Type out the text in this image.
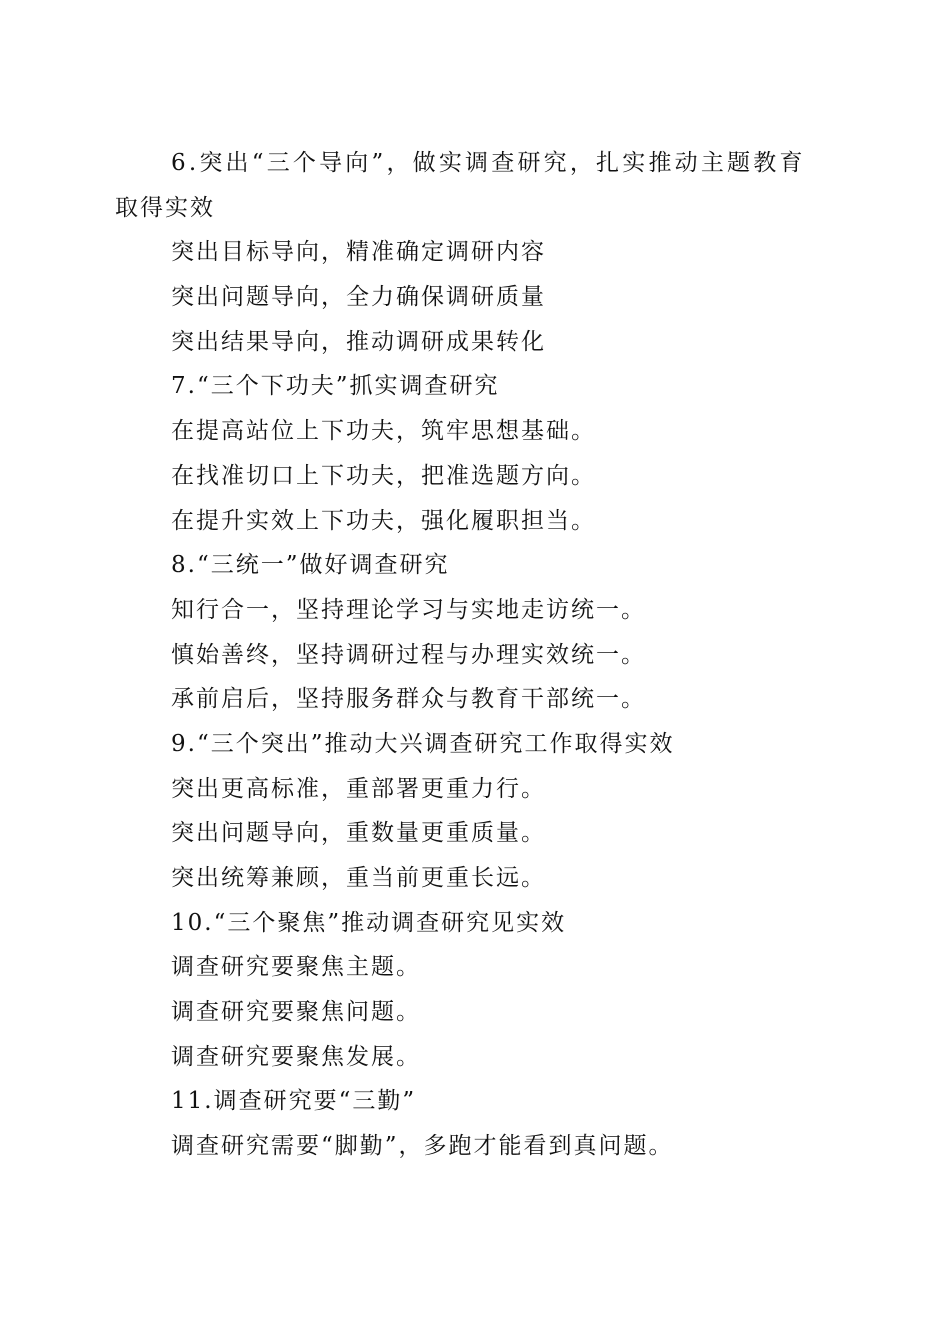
6.突出“三个导向”，做实调查研究，扎实推动主题教育
取得实效
突出目标导向，精准确定调研内容
突出问题导向，全力确保调研质量
突出结果导向，推动调研成果转化
7.“三个下功夫”抓实调查研究
在提高站位上下功夫，筑牢思想基础。
在找准切口上下功夫，把准选题方向。
在提升实效上下功夫，强化履职担当。
8.“三统一”做好调查研究
知行合一，坚持理论学习与实地走访统一。
慎始善终，坚持调研过程与办理实效统一。
承前启后，坚持服务群众与教育干部统一。
9.“三个突出”推动大兴调查研究工作取得实效
突出更高标准，重部署更重力行。
突出问题导向，重数量更重质量。
突出统筹兼顾，重当前更重长远。
10.“三个聚焦”推动调查研究见实效
调查研究要聚焦主题。
调查研究要聚焦问题。
调查研究要聚焦发展。
11.调查研究要“三勤”
调查研究需要“脚勤”，多跑才能看到真问题。
